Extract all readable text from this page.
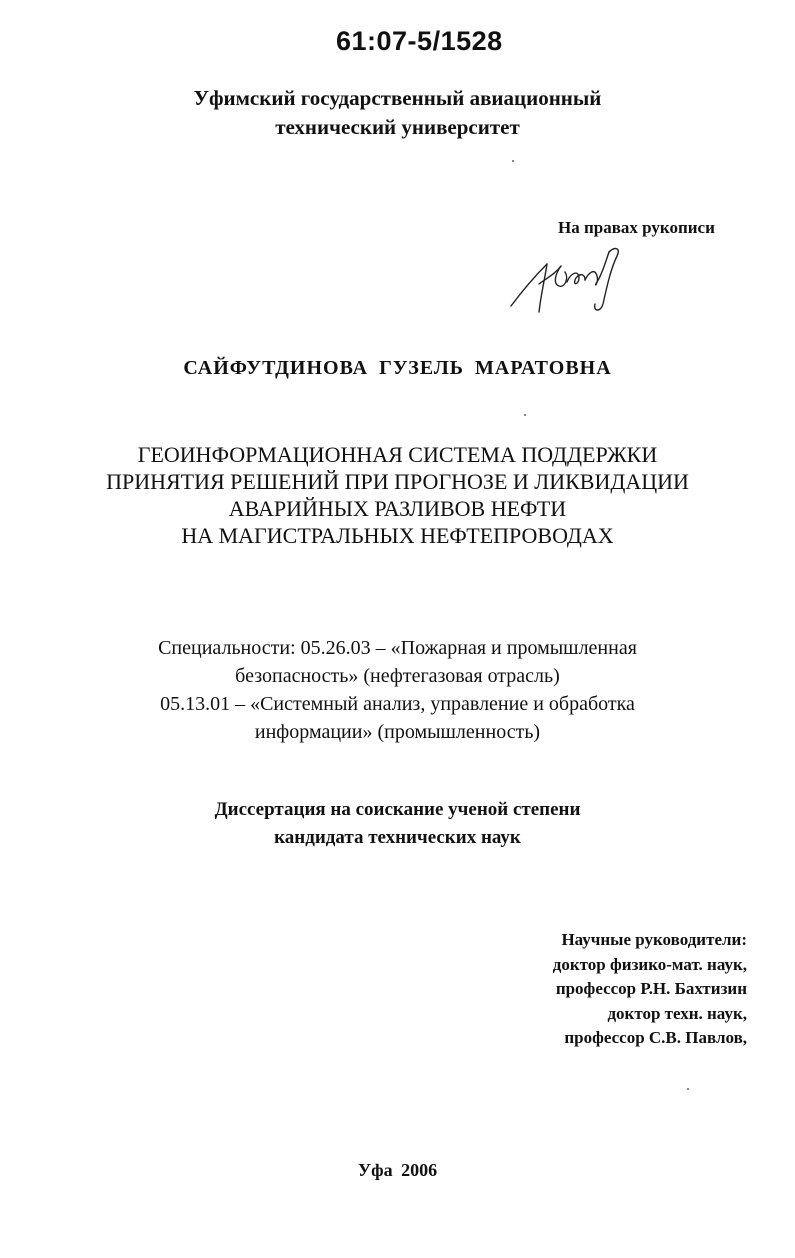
61:07-5/1528
Уфимский государственный авиационный
технический университет
На правах рукописи
САЙФУТДИНОВА ГУЗЕЛЬ МАРАТОВНА
ГЕОИНФОРМАЦИОННАЯ СИСТЕМА ПОДДЕРЖКИ
ПРИНЯТИЯ РЕШЕНИЙ ПРИ ПРОГНОЗЕ И ЛИКВИДАЦИИ
АВАРИЙНЫХ РАЗЛИВОВ НЕФТИ
НА МАГИСТРАЛЬНЫХ НЕФТЕПРОВОДАХ
Специальности: 05.26.03 – «Пожарная и промышленная
безопасность» (нефтегазовая отрасль)
05.13.01 – «Системный анализ, управление и обработка
информации» (промышленность)
Диссертация на соискание ученой степени
кандидата технических наук
Научные руководители:
доктор физико-мат. наук,
профессор Р.Н. Бахтизин
доктор техн. наук,
профессор С.В. Павлов,
Уфа 2006
